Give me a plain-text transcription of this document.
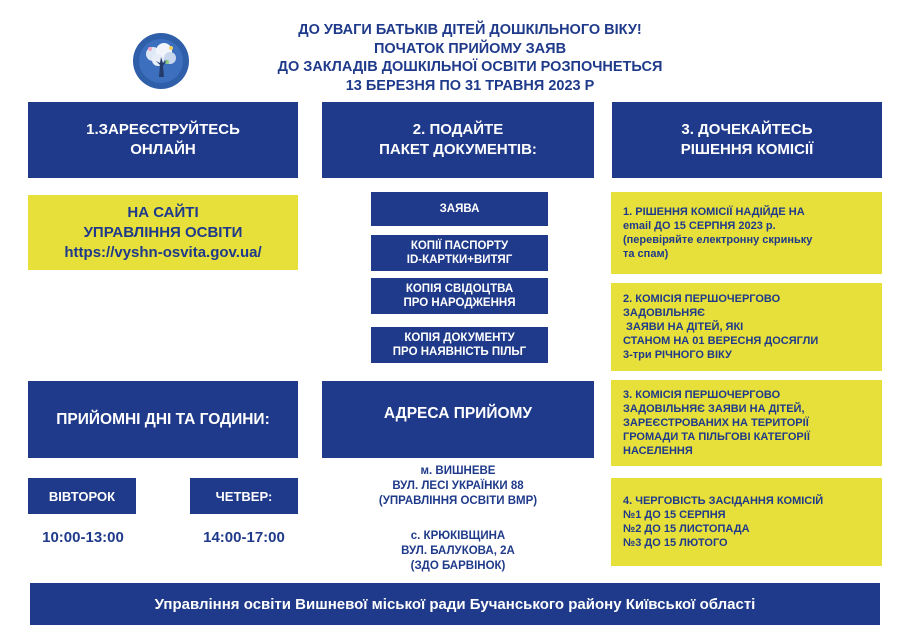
ДО УВАГИ БАТЬКІВ ДІТЕЙ ДОШКІЛЬНОГО ВІКУ!
ПОЧАТОК ПРИЙОМУ ЗАЯВ
ДО ЗАКЛАДІВ ДОШКІЛЬНОЇ ОСВІТИ РОЗПОЧНЕТЬСЯ
13 БЕРЕЗНЯ ПО 31 ТРАВНЯ 2023 Р
1.ЗАРЕЄСТРУЙТЕСЬ
ОНЛАЙН
2. ПОДАЙТЕ
ПАКЕТ ДОКУМЕНТІВ:
3. ДОЧЕКАЙТЕСЬ
РІШЕННЯ КОМІСІЇ
НА САЙТІ
УПРАВЛІННЯ ОСВІТИ
https://vyshn-osvita.gov.ua/
ЗАЯВА
КОПІЇ ПАСПОРТУ
ID-КАРТКИ+ВИТЯГ
КОПІЯ СВІДОЦТВА
ПРО НАРОДЖЕННЯ
КОПІЯ ДОКУМЕНТУ
ПРО НАЯВНІСТЬ ПІЛЬГ
1. РІШЕННЯ КОМІСІЇ НАДІЙДЕ НА
email ДО 15 СЕРПНЯ 2023 р.
(перевіряйте електронну скриньку
та спам)
2. КОМІСІЯ ПЕРШОЧЕРГОВО
ЗАДОВІЛЬНЯЄ
ЗАЯВИ НА ДІТЕЙ, ЯКІ
СТАНОМ НА 01 ВЕРЕСНЯ ДОСЯГЛИ
3-три РІЧНОГО ВІКУ
3. КОМІСІЯ ПЕРШОЧЕРГОВО
ЗАДОВІЛЬНЯЄ ЗАЯВИ НА ДІТЕЙ,
ЗАРЕЄСТРОВАНИХ НА ТЕРИТОРІЇ
ГРОМАДИ ТА ПІЛЬГОВІ КАТЕГОРІЇ
НАСЕЛЕННЯ
4. ЧЕРГОВІСТЬ ЗАСІДАННЯ КОМІСІЙ
№1 ДО 15 СЕРПНЯ
№2 ДО 15 ЛИСТОПАДА
№3 ДО 15 ЛЮТОГО
ПРИЙОМНІ ДНІ ТА ГОДИНИ:
ВІВТОРОК	ЧЕТВЕР:
10:00-13:00	14:00-17:00
АДРЕСА ПРИЙОМУ
м. ВИШНЕВЕ
ВУЛ. ЛЕСІ УКРАЇНКИ 88
(УПРАВЛІННЯ ОСВІТИ ВМР)
с. КРЮКІВЩИНА
ВУЛ. БАЛУКОВА, 2А
(ЗДО БАРВІНОК)
Управління освіти Вишневої міської ради Бучанського району Київської області
